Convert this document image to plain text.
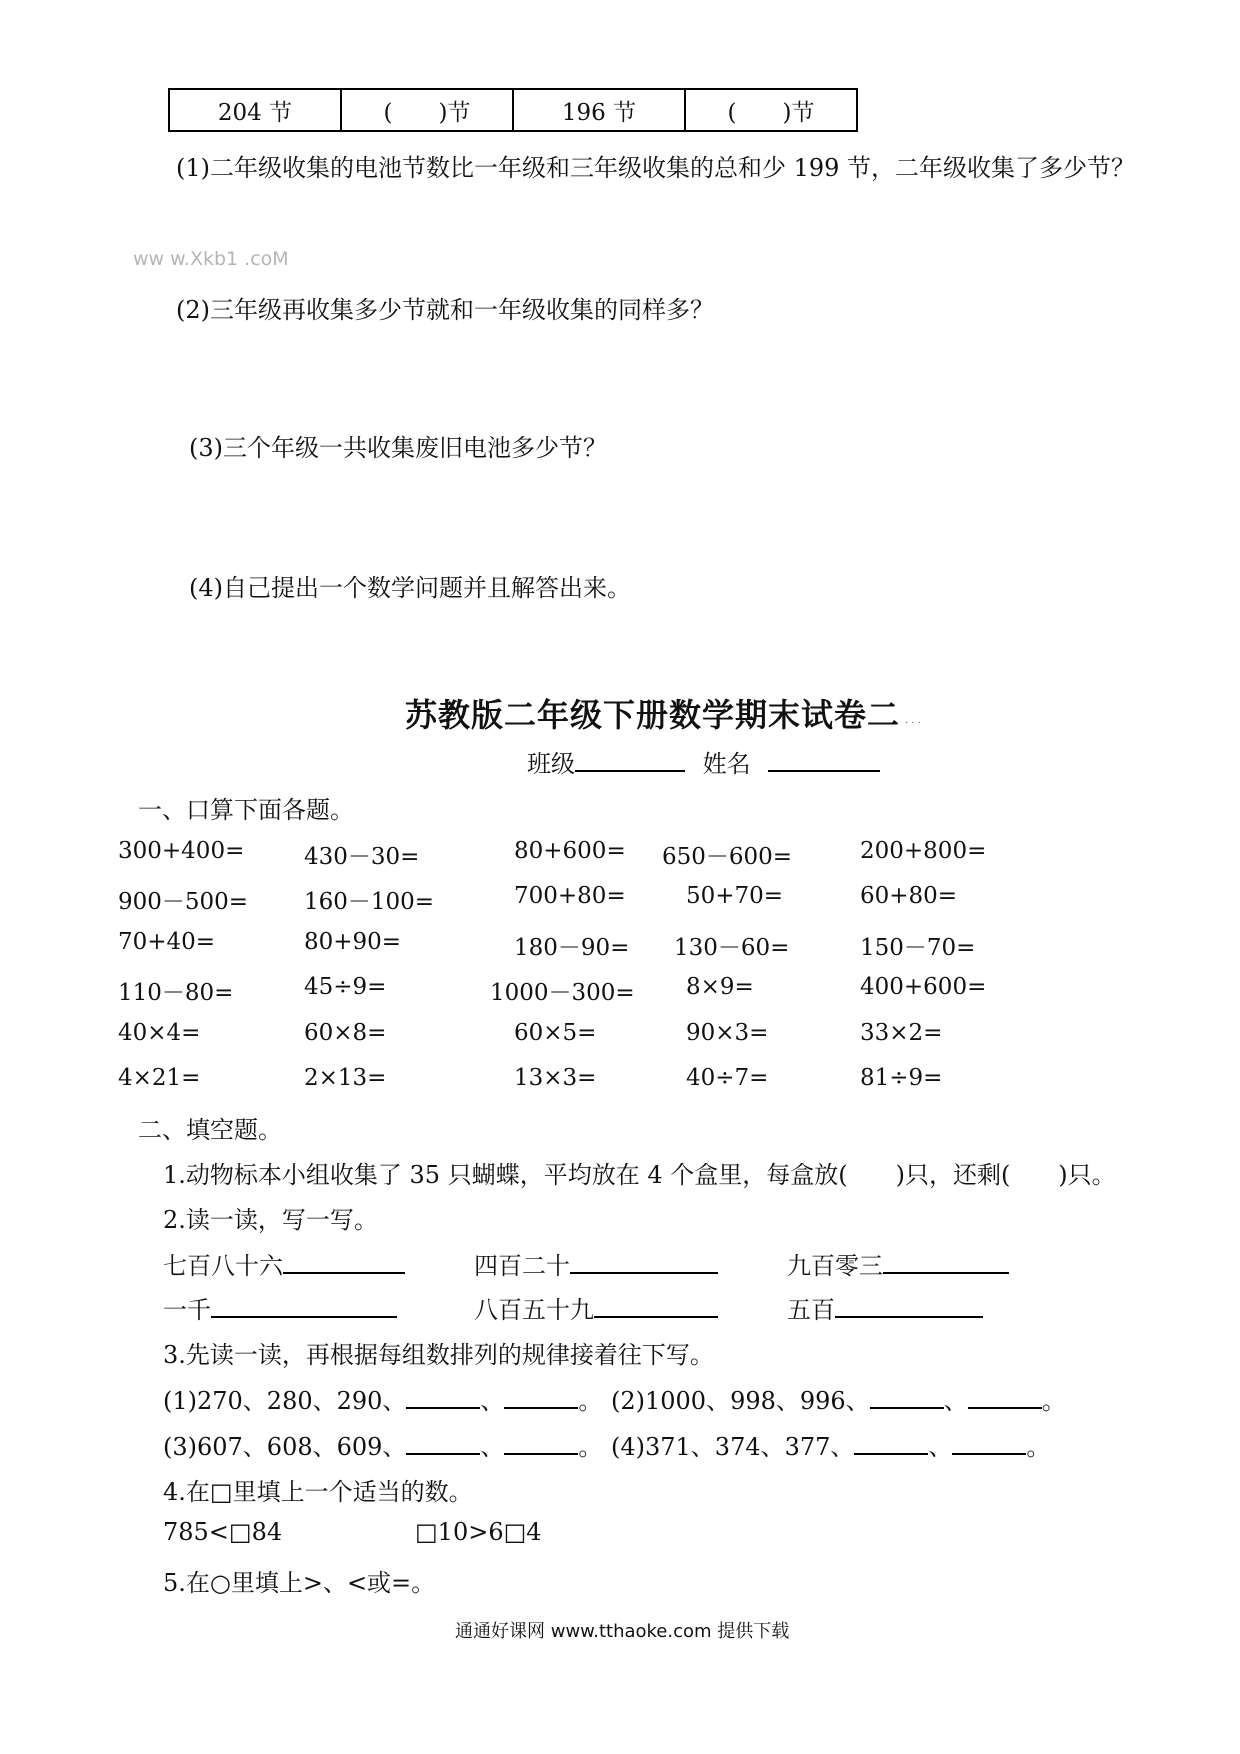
204 节	(　　)节	196 节	(　　)节
(1)二年级收集的电池节数比一年级和三年级收集的总和少 199 节，二年级收集了多少节？
ww w.Xkb1 .coM
(2)三年级再收集多少节就和一年级收集的同样多？
(3)三个年级一共收集废旧电池多少节？
(4)自己提出一个数学问题并且解答出来。
苏教版二年级下册数学期末试卷二 · · ·
班级	姓名
一、口算下面各题。
300+400=	430－30=	80+600= 650－600=	200+800=
900－500= 160－100=	700+80=	50+70=	60+80=
70+40=	80+90=	180－90= 130－60=	150－70=
110－80=	45÷9=	1000－300= 8×9=	400+600=
40×4=	60×8=	60×5=	90×3=	33×2=
4×21=	2×13=	13×3=	40÷7=	81÷9=
二、填空题。
1.动物标本小组收集了 35 只蝴蝶，平均放在 4 个盒里，每盒放(　　)只，还剩(　　)只。
2.读一读，写一写。
七百八十六	四百二十	九百零三
一千	八百五十九	五百
3.先读一读，再根据每组数排列的规律接着往下写。
(1)270、280、290、	、	。 (2)1000、998、996、	、	。
(3)607、608、609、	、	。 (4)371、374、377、	、	。
4.在□里填上一个适当的数。
785<□84	□10>6□4
5.在○里填上>、<或=。
通通好课网 www.tthaoke.com 提供下载
